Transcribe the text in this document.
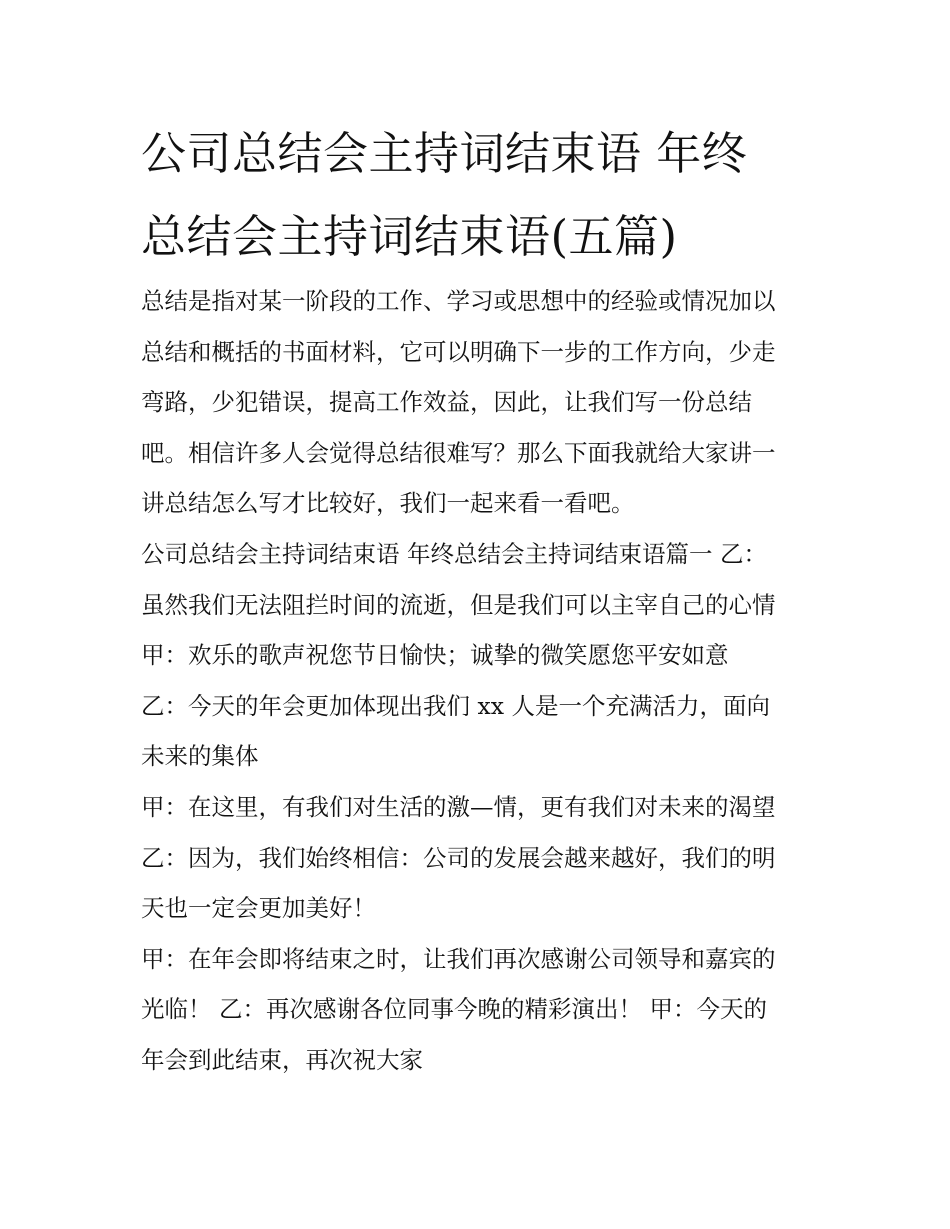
公司总结会主持词结束语 年终
总结会主持词结束语(五篇)
总结是指对某一阶段的工作、学习或思想中的经验或情况加以
总结和概括的书面材料，它可以明确下一步的工作方向，少走
弯路，少犯错误，提高工作效益，因此，让我们写一份总结
吧。相信许多人会觉得总结很难写？那么下面我就给大家讲一
讲总结怎么写才比较好，我们一起来看一看吧。
公司总结会主持词结束语 年终总结会主持词结束语篇一 乙：
虽然我们无法阻拦时间的流逝，但是我们可以主宰自己的心情
甲：欢乐的歌声祝您节日愉快；诚挚的微笑愿您平安如意
乙：今天的年会更加体现出我们 xx 人是一个充满活力，面向
未来的集体
甲：在这里，有我们对生活的激—情，更有我们对未来的渴望
乙：因为，我们始终相信：公司的发展会越来越好，我们的明
天也一定会更加美好！
甲：在年会即将结束之时，让我们再次感谢公司领导和嘉宾的
光临！ 乙：再次感谢各位同事今晚的精彩演出！ 甲：今天的
年会到此结束，再次祝大家
